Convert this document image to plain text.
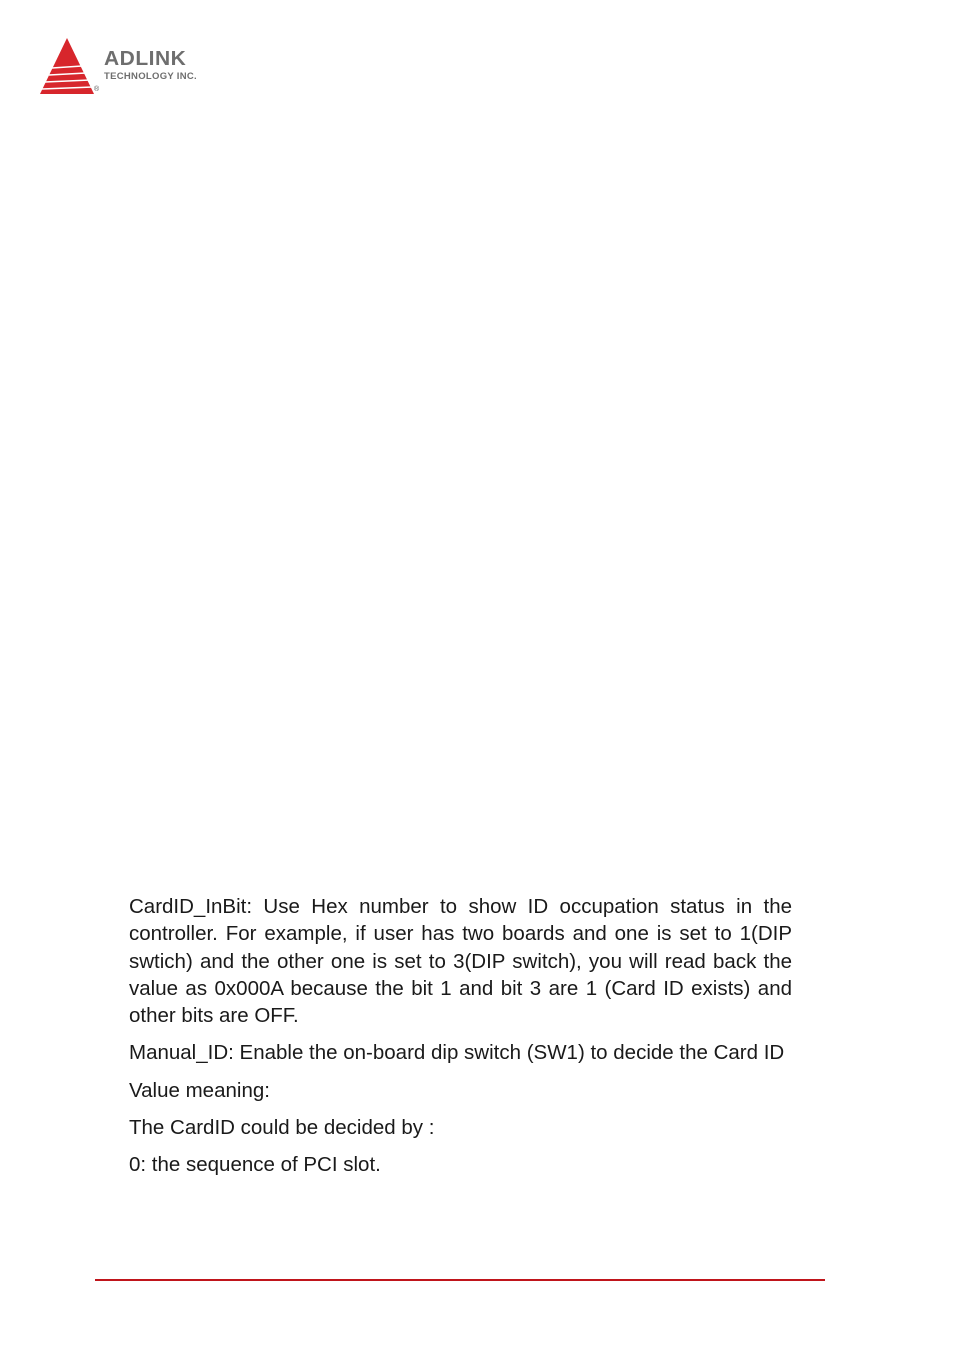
®
ADLINK
TECHNOLOGY INC.

CardID_InBit: Use Hex number to show ID occupation status in the controller. For example, if user has two boards and one is set to 1(DIP swtich) and the other one is set to 3(DIP switch), you will read back the value as 0x000A because the bit 1 and bit 3 are 1 (Card ID exists) and other bits are OFF.

Manual_ID: Enable the on-board dip switch (SW1) to decide the Card ID

Value meaning:

The CardID could be decided by :

0: the sequence of PCI slot.
